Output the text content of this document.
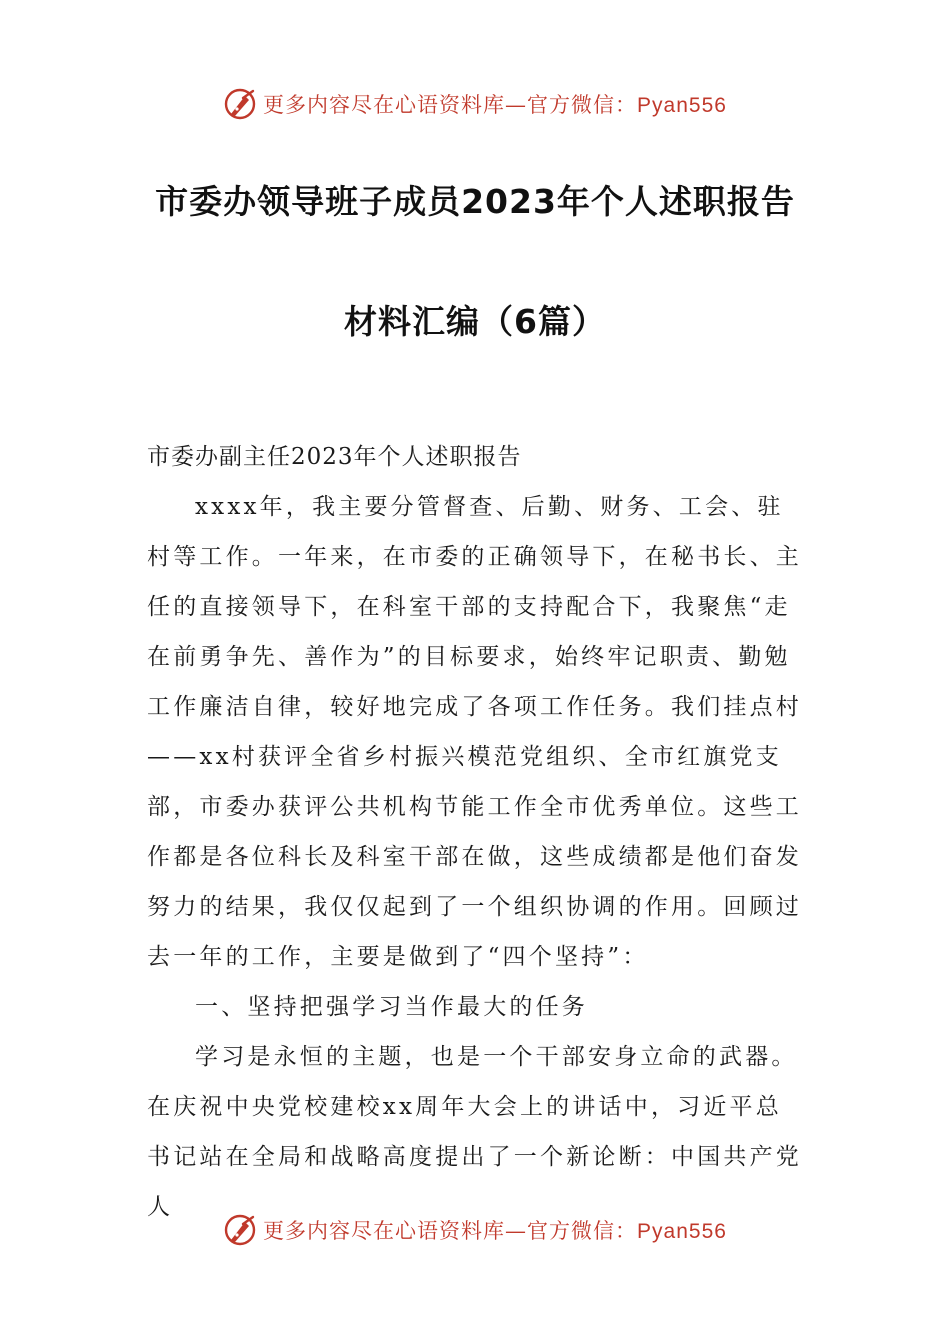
更多内容尽在心语资料库—官方微信：Pyan556
市委办领导班子成员2023年个人述职报告
材料汇编（6篇）

市委办副主任2023年个人述职报告

xxxx年，我主要分管督查、后勤、财务、工会、驻村等工作。一年来，在市委的正确领导下，在秘书长、主任的直接领导下，在科室干部的支持配合下，我聚焦“走在前勇争先、善作为”的目标要求，始终牢记职责、勤勉工作廉洁自律，较好地完成了各项工作任务。我们挂点村——xx村获评全省乡村振兴模范党组织、全市红旗党支部，市委办获评公共机构节能工作全市优秀单位。这些工作都是各位科长及科室干部在做，这些成绩都是他们奋发努力的结果，我仅仅起到了一个组织协调的作用。回顾过去一年的工作，主要是做到了“四个坚持”：

一、坚持把强学习当作最大的任务

学习是永恒的主题，也是一个干部安身立命的武器。在庆祝中央党校建校xx周年大会上的讲话中，习近平总书记站在全局和战略高度提出了一个新论断：中国共产党人

更多内容尽在心语资料库—官方微信：Pyan556
